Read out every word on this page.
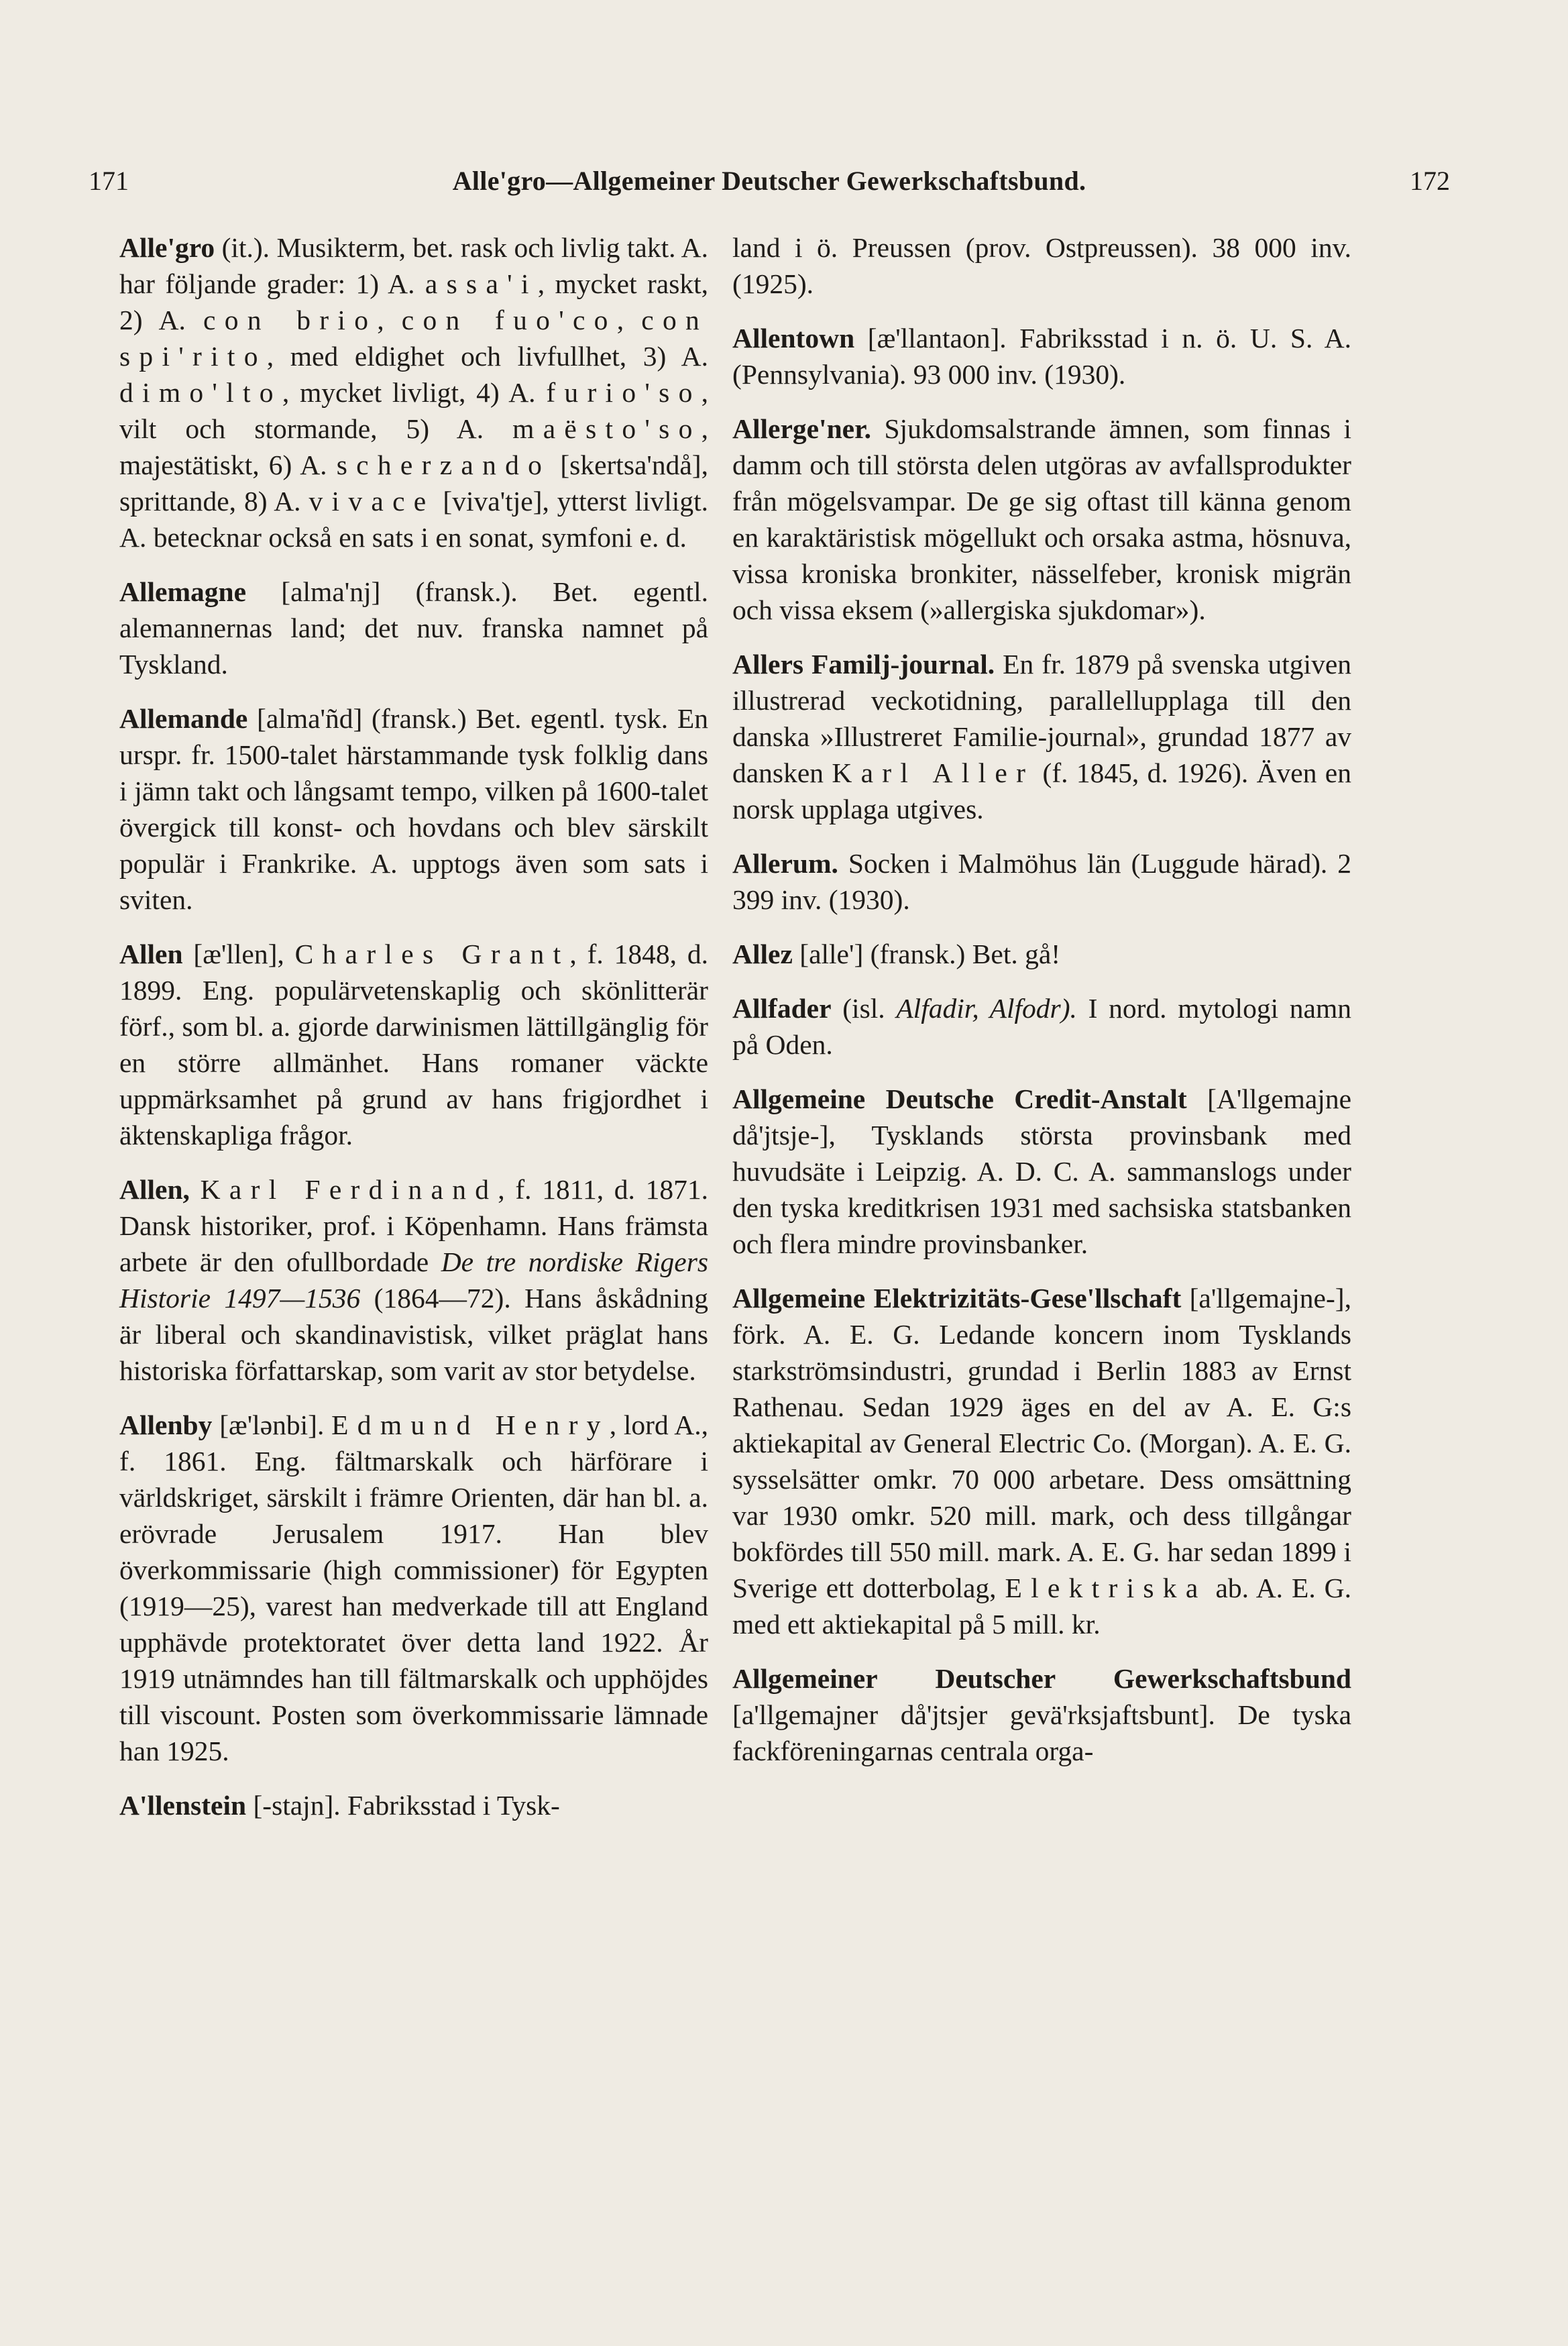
171	Alle'gro—Allgemeiner Deutscher Gewerkschaftsbund.	172

Alle'gro (it.). Musikterm, bet. rask och livlig takt. A. har följande grader: 1) A. assa'i, mycket raskt, 2) A. con brio, con fuo'co, con spi'rito, med eldighet och livfullhet, 3) A. dimo'lto, mycket livligt, 4) A. furio'so, vilt och stormande, 5) A. maësto'so, majestätiskt, 6) A. scherzando [skertsa'ndå], sprittande, 8) A. vivace [viva'tje], ytterst livligt. A. betecknar också en sats i en sonat, symfoni e. d.

Allemagne [alma'nj] (fransk.). Bet. egentl. alemannernas land; det nuv. franska namnet på Tyskland.

Allemande [alma'ñd] (fransk.) Bet. egentl. tysk. En urspr. fr. 1500-talet härstammande tysk folklig dans i jämn takt och långsamt tempo, vilken på 1600-talet övergick till konst- och hovdans och blev särskilt populär i Frankrike. A. upptogs även som sats i sviten.

Allen [æ'llen], Charles Grant, f. 1848, d. 1899. Eng. populärvetenskaplig och skönlitterär förf., som bl. a. gjorde darwinismen lättillgänglig för en större allmänhet. Hans romaner väckte uppmärksamhet på grund av hans frigjordhet i äktenskapliga frågor.

Allen, Karl Ferdinand, f. 1811, d. 1871. Dansk historiker, prof. i Köpenhamn. Hans främsta arbete är den ofullbordade De tre nordiske Rigers Historie 1497—1536 (1864—72). Hans åskådning är liberal och skandinavistisk, vilket präglat hans historiska författarskap, som varit av stor betydelse.

Allenby [æ'lənbi]. Edmund Henry, lord A., f. 1861. Eng. fältmarskalk och härförare i världskriget, särskilt i främre Orienten, där han bl. a. erövrade Jerusalem 1917. Han blev överkommissarie (high commissioner) för Egypten (1919—25), varest han medverkade till att England upphävde protektoratet över detta land 1922. År 1919 utnämndes han till fältmarskalk och upphöjdes till viscount. Posten som överkommissarie lämnade han 1925.

A'llenstein [-stajn]. Fabriksstad i Tysk-

land i ö. Preussen (prov. Ostpreussen). 38 000 inv. (1925).

Allentown [æ'llantaon]. Fabriksstad i n. ö. U. S. A. (Pennsylvania). 93 000 inv. (1930).

Allerge'ner. Sjukdomsalstrande ämnen, som finnas i damm och till största delen utgöras av avfallsprodukter från mögelsvampar. De ge sig oftast till känna genom en karaktäristisk mögellukt och orsaka astma, hösnuva, vissa kroniska bronkiter, nässelfeber, kronisk migrän och vissa eksem (»allergiska sjukdomar»).

Allers Familj-journal. En fr. 1879 på svenska utgiven illustrerad veckotidning, parallellupplaga till den danska »Illustreret Familie-journal», grundad 1877 av dansken Karl Aller (f. 1845, d. 1926). Även en norsk upplaga utgives.

Allerum. Socken i Malmöhus län (Luggude härad). 2 399 inv. (1930).

Allez [alle'] (fransk.) Bet. gå!

Allfader (isl. Alfadir, Alfodr). I nord. mytologi namn på Oden.

Allgemeine Deutsche Credit-Anstalt [A'llgemajne då'jtsje-], Tysklands största provinsbank med huvudsäte i Leipzig. A. D. C. A. sammanslogs under den tyska kreditkrisen 1931 med sachsiska statsbanken och flera mindre provinsbanker.

Allgemeine Elektrizitäts-Gese'llschaft [a'llgemajne-], förk. A. E. G. Ledande koncern inom Tysklands starkströmsindustri, grundad i Berlin 1883 av Ernst Rathenau. Sedan 1929 äges en del av A. E. G:s aktiekapital av General Electric Co. (Morgan). A. E. G. sysselsätter omkr. 70 000 arbetare. Dess omsättning var 1930 omkr. 520 mill. mark, och dess tillgångar bokfördes till 550 mill. mark. A. E. G. har sedan 1899 i Sverige ett dotterbolag, Elektriska ab. A. E. G. med ett aktiekapital på 5 mill. kr.

Allgemeiner Deutscher Gewerkschaftsbund [a'llgemajner då'jtsjer gevä'rksjaftsbunt]. De tyska fackföreningarnas centrala orga-
